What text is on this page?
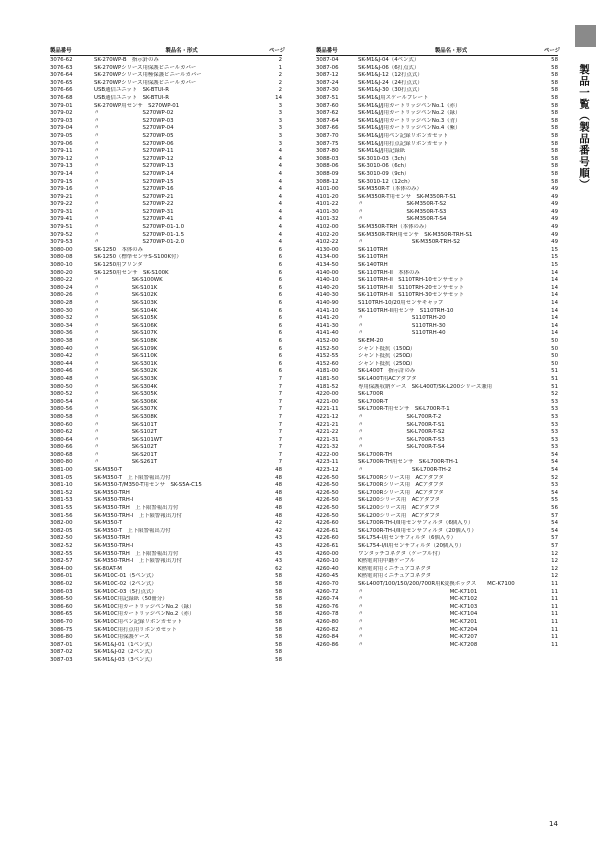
製品一覧（製品番号順）
製品番号	製品名・形式	ページ
3076-62	SK-270WP-B　指示針のみ	2
3076-63	SK-270WPシリーズ用保護ビニールカバー	1
3076-64	SK-270WPシリーズ用極保護ビニールカバー	2
3076-65	SK-270WPシリーズ用保護ビニールカバー	2
3076-66	USB通信ユニット　SK-BTUI-R	2
3076-68	USB通信ユニット　SK-BTUI-R	14
3079-01	SK-270WP用センサ　S270WP-01	3
3079-02	〃　　　　　　　　S270WP-02	3
3079-03	〃　　　　　　　　S270WP-03	3
3079-04	〃　　　　　　　　S270WP-04	3
3079-05	〃　　　　　　　　S270WP-05	3
3079-06	〃　　　　　　　　S270WP-06	3
3079-11	〃　　　　　　　　S270WP-11	4
3079-12	〃　　　　　　　　S270WP-12	4
3079-13	〃　　　　　　　　S270WP-13	4
3079-14	〃　　　　　　　　S270WP-14	4
3079-15	〃　　　　　　　　S270WP-15	4
3079-16	〃　　　　　　　　S270WP-16	4
3079-21	〃　　　　　　　　S270WP-21	4
3079-22	〃　　　　　　　　S270WP-22	4
3079-31	〃　　　　　　　　S270WP-31	4
3079-41	〃　　　　　　　　S270WP-41	4
3079-51	〃　　　　　　　　S270WP-01-1.0	4
3079-52	〃　　　　　　　　S270WP-01-1.5	4
3079-53	〃　　　　　　　　S270WP-01-2.0	4
3080-00	SK-1250　本体のみ	6
3080-08	SK-1250（標準センサS-S100K付）	6
3080-10	SK-1250用プリンタ	6
3080-20	SK-1250用センサ　SK-S100K	6
3080-22	〃　　　　　　SK-S100WK	6
3080-24	〃　　　　　　SK-S101K	6
3080-26	〃　　　　　　SK-S102K	6
3080-28	〃　　　　　　SK-S103K	6
3080-30	〃　　　　　　SK-S104K	6
3080-32	〃　　　　　　SK-S105K	6
3080-34	〃　　　　　　SK-S106K	6
3080-36	〃　　　　　　SK-S107K	6
3080-38	〃　　　　　　SK-S108K	6
3080-40	〃　　　　　　SK-S109K	6
3080-42	〃　　　　　　SK-S110K	6
3080-44	〃　　　　　　SK-S301K	6
3080-46	〃　　　　　　SK-S302K	6
3080-48	〃　　　　　　SK-S303K	7
3080-50	〃　　　　　　SK-S304K	7
3080-52	〃　　　　　　SK-S305K	7
3080-54	〃　　　　　　SK-S306K	7
3080-56	〃　　　　　　SK-S307K	7
3080-58	〃　　　　　　SK-S308K	7
3080-60	〃　　　　　　SK-S101T	7
3080-62	〃　　　　　　SK-S102T	7
3080-64	〃　　　　　　SK-S101WT	7
3080-66	〃　　　　　　SK-S102T	7
3080-68	〃　　　　　　SK-S201T	7
3080-80	〃　　　　　　SK-S261T	7
3081-00	SK-M350-T	48
3081-05	SK-M350-T　上下限警報出力付	48
3081-10	SK-M350-T/M350-T用センサ　SK-S5A-C15	48
3081-52	SK-M350-TRH	48
3081-53	SK-M350-TRH-I	48
3081-55	SK-M350-TRH　上下限警報出力付	48
3081-56	SK-M350-TRH-I　上下限警報出力付	48
3082-00	SK-M350-T	42
3082-05	SK-M350-T　上下限警報出力付	42
3082-50	SK-M350-TRH	43
3082-52	SK-M350-TRH-I	43
3082-55	SK-M350-TRH　上下限警報出力付	43
3082-57	SK-M350-TRH-I　上下限警報出力付	43
3084-00	SK-80AT-M	62
3086-01	SK-M10C-01（5ペン式）	58
3086-02	SK-M10C-02（2ペン式）	58
3086-03	SK-M10C-03（5打点式）	58
3086-50	SK-M10C用記録紙（50冊分）	58
3086-60	SK-M10C用カートリッジペンNo.2（緑）	58
3086-65	SK-M10C用カートリッジペンNo.2（赤）	58
3086-70	SK-M10C用ペン記録リボンカセット	58
3086-75	SK-M10C用打点用リボンカセット	58
3086-80	SK-M10C用保護ケース	58
3087-01	SK-M1&J-01（1ペン式）	58
3087-02	SK-M1&J-02（2ペン式）	58
3087-03	SK-M1&J-03（3ペン式）	58
製品番号	製品名・形式	ページ
3087-04	SK-M1&J-04（4ペン式）	58
3087-06	SK-M1&J-06（6打点式）	58
3087-12	SK-M1&J-12（12打点式）	58
3087-24	SK-M1&J-24（24打点式）	58
3087-30	SK-M1&J-30（30打点式）	58
3087-51	SK-M1&J用スケールプレート	58
3087-60	SK-M1&J/J用カートリッジペンNo.1（赤）	58
3087-62	SK-M1&J/J用カートリッジペンNo.2（緑）	58
3087-64	SK-M1&J/J用カートリッジペンNo.3（青）	58
3087-66	SK-M1&J/J用カートリッジペンNo.4（紫）	58
3087-70	SK-M1&J/J用ペン記録リボンカセット	58
3087-75	SK-M1&J/J用打点記録リボンカセット	58
3087-80	SK-M1&J/J用記録紙	58
3088-03	SK-3010-03（3ch）	58
3088-06	SK-3010-06（6ch）	58
3088-09	SK-3010-09（9ch）	58
3088-12	SK-3010-12（12ch）	58
4101-00	SK-M350R-T（本体のみ）	49
4101-20	SK-M350R-T用センサ　SK-M350R-T-S1	49
4101-22	〃　　　　　　　　SK-M350R-T-S2	49
4101-30	〃　　　　　　　　SK-M350R-T-S3	49
4101-32	〃　　　　　　　　SK-M350R-T-S4	49
4102-00	SK-M350R-TRH（本体のみ）	49
4102-20	SK-M350R-TRH用センサ　SK-M350R-TRH-S1	49
4102-22	〃　　　　　　　　　SK-M350R-TRH-S2	49
4130-00	SK-110TRH	15
4134-00	SK-110TRH	15
4134-50	SK-140TRH	15
4140-00	SK-110TRH-II　本体のみ	14
4140-10	SK-110TRH-II　S110TRH-10センサセット	14
4140-20	SK-110TRH-II　S110TRH-20センサセット	14
4140-30	SK-110TRH-II　S110TRH-30センサセット	14
4140-90	S110TRH-10/20用センサキャップ	14
4141-10	SK-110TRH-II用センサ　S110TRH-10	14
4141-20	〃　　　　　　　　　S110TRH-20	14
4141-30	〃　　　　　　　　　S110TRH-30	14
4141-40	〃　　　　　　　　　S110TRH-40	14
4152-00	SK-EM-20	50
4152-50	シャント抵抗（150Ω）	50
4152-55	シャント抵抗（250Ω）	50
4152-60	シャント抵抗（250Ω）	50
4181-00	SK-L400T　指示計のみ	51
4181-50	SK-L400T用ACアダプタ	51
4181-52	専用保護収納ケース　SK-L400T/SK-L200シリーズ兼用	51
4220-00	SK-L700R	52
4221-00	SK-L700R-T	53
4221-11	SK-L700R-T用センサ　SK-L700R-T-1	53
4221-12	〃　　　　　　　　SK-L700R-T-2	53
4221-21	〃　　　　　　　　SK-L700R-T-S1	53
4221-22	〃　　　　　　　　SK-L700R-T-S2	53
4221-31	〃　　　　　　　　SK-L700R-T-S3	53
4221-32	〃　　　　　　　　SK-L700R-T-S4	53
4222-00	SK-L700R-TH	54
4223-11	SK-L700R-TH用センサ　SK-L700R-TH-1	54
4223-12	〃　　　　　　　　　SK-L700R-TH-2	54
4226-50	SK-L700Rシリーズ用　ACアダプタ	52
4226-50	SK-L700Rシリーズ用　ACアダプタ	53
4226-50	SK-L700Rシリーズ用　ACアダプタ	54
4226-50	SK-L200シリーズ用　ACアダプタ	55
4226-50	SK-L200シリーズ用　ACアダプタ	56
4226-50	SK-L200シリーズ用　ACアダプタ	57
4226-60	SK-L700R-TH-I/II用センサフィルタ（6個入り）	54
4226-61	SK-L700R-TH-I/II用センサフィルタ（20個入り）	54
4226-60	SK-L754-I用センサフィルタ（6個入り）	57
4226-61	SK-L754-I/II用センサフィルタ（20個入り）	57
4260-00	ワンタッチコネクタ（ケーブル付）	12
4260-10	K熱電対用中継ケーブル	12
4260-40	K熱電対用ミニチュアコネクタ	12
4260-45	K熱電対用ミニチュアコネクタ	12
4260-70	SK-L400T/100/150/200/700R用K変換ボックス　　MC-K7100	11
4260-72	〃　　　　　　　　　　　　　　　　MC-K7101	11
4260-74	〃　　　　　　　　　　　　　　　　MC-K7102	11
4260-76	〃　　　　　　　　　　　　　　　　MC-K7103	11
4260-78	〃　　　　　　　　　　　　　　　　MC-K7104	11
4260-80	〃　　　　　　　　　　　　　　　　MC-K7201	11
4260-82	〃　　　　　　　　　　　　　　　　MC-K7204	11
4260-84	〃　　　　　　　　　　　　　　　　MC-K7207	11
4260-86	〃　　　　　　　　　　　　　　　　MC-K7208	11
14
